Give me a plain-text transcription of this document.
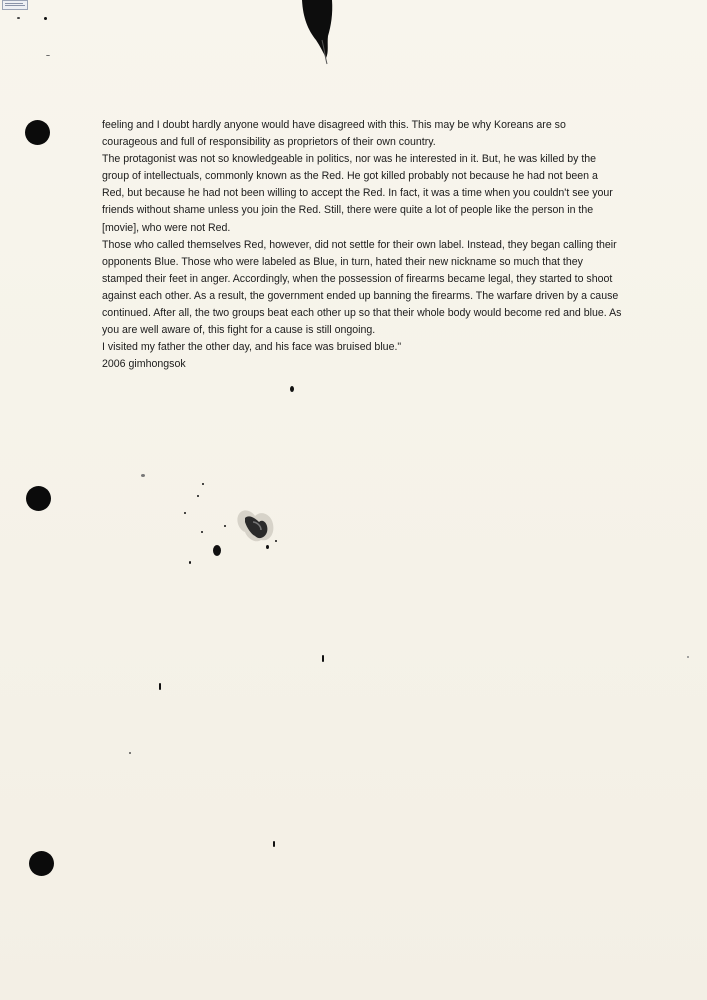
feeling and I doubt hardly anyone would have disagreed with this. This may be why Koreans are so courageous and full of responsibility as proprietors of their own country.

The protagonist was not so knowledgeable in politics, nor was he interested in it. But, he was killed by the group of intellectuals, commonly known as the Red. He got killed probably not because he had not been a Red, but because he had not been willing to accept the Red. In fact, it was a time when you couldn't see your friends without shame unless you join the Red. Still, there were quite a lot of people like the person in the [movie], who were not Red.

Those who called themselves Red, however, did not settle for their own label. Instead, they began calling their opponents Blue. Those who were labeled as Blue, in turn, hated their new nickname so much that they stamped their feet in anger. Accordingly, when the possession of firearms became legal, they started to shoot against each other. As a result, the government ended up banning the firearms. The warfare driven by a cause continued. After all, the two groups beat each other up so that their whole body would become red and blue. As you are well aware of, this fight for a cause is still ongoing.

I visited my father the other day, and his face was bruised blue."

2006 gimhongsok
